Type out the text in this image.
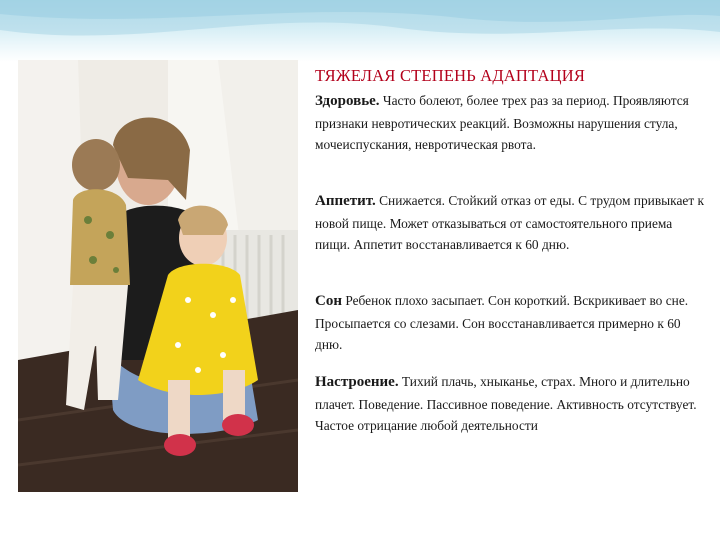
ТЯЖЕЛАЯ СТЕПЕНЬ АДАПТАЦИЯ
Здоровье. Часто болеют, более трех раз за период. Проявляются признаки невротических реакций. Возможны нарушения стула, мочеиспускания, невротическая рвота.
Аппетит. Снижается. Стойкий отказ от еды. С трудом привыкает к новой пище. Может отказываться от самостоятельного приема пищи. Аппетит восстанавливается к 60 дню.
Сон Ребенок плохо засыпает. Сон короткий. Вскрикивает во сне. Просыпается со слезами. Сон восстанавливается примерно к 60 дню.
Настроение. Тихий плачь, хныканье, страх. Много и длительно плачет. Поведение. Пассивное поведение. Активность отсутствует. Частое отрицание любой деятельности
